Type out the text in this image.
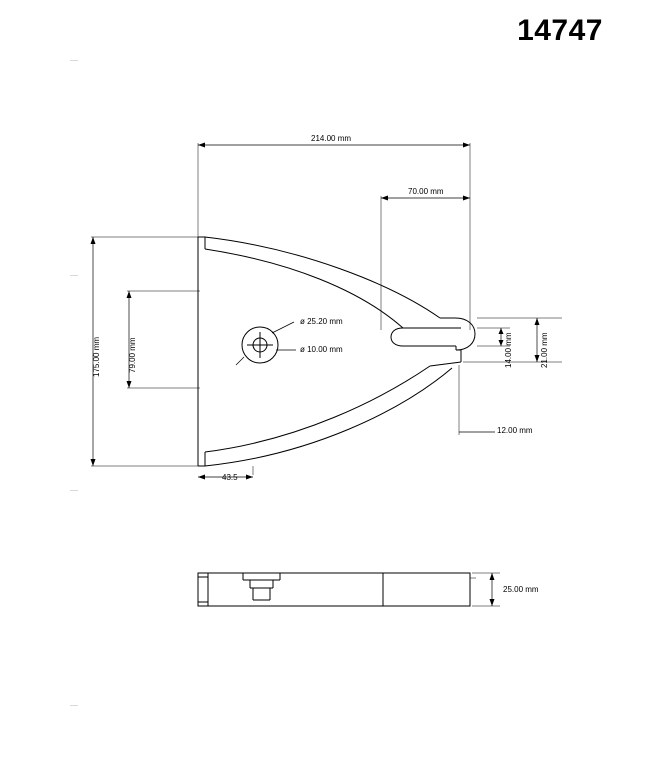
14747
214.00 mm
70.00 mm
175.00 mm	79.00 mm
43.5
ø 25.20 mm
ø 10.00 mm	14.00 mm	21.00 mm
12.00 mm
25.00 mm
